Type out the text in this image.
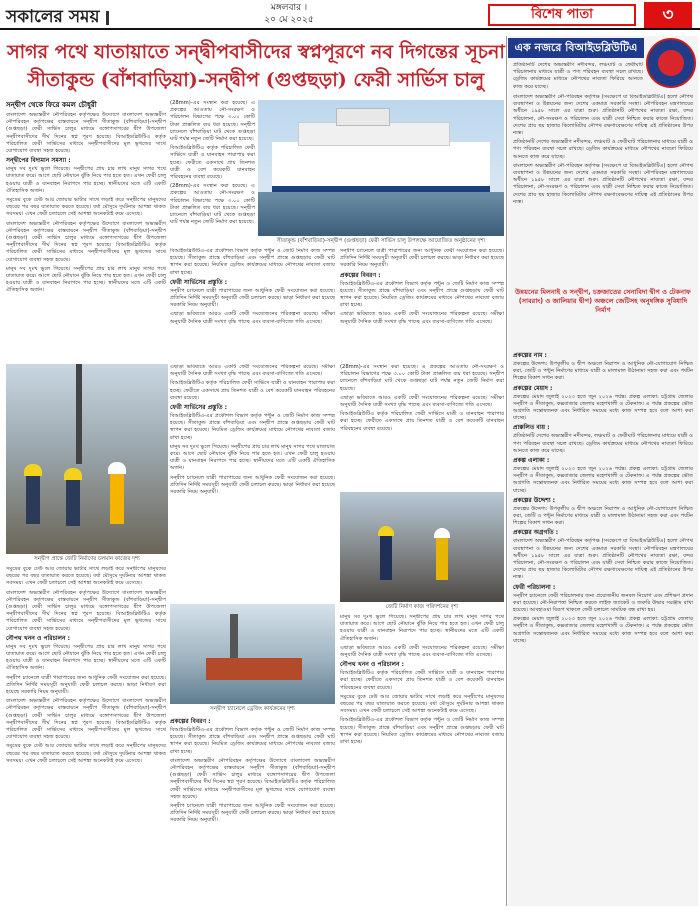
সকালের সময়	মঙ্গলবার ।
২০ মে ২০২৫	বিশেষ পাতা	৩
সাগর পথে যাতায়াতে সন্দ্বীপবাসীদের স্বপ্নপূরণে নব দিগন্তের সূচনা
সীতাকুন্ড (বাঁশবাড়িয়া)-সন্দ্বীপ (গুপ্তছড়া) ফেরী সার্ভিস চালু
সন্দ্বীপ থেকে ফিরে কমল চৌধুরী

বাংলাদেশ অভ্যন্তরীণ নৌপরিবহন কর্তৃপক্ষের উদ্যোগে বাংলাদেশ অভ্যন্তরীণ নৌপরিবহন কর্তৃপক্ষের বাস্তবায়নে সন্দ্বীপ সীতাকুন্ড (বাঁশবাড়িয়া)-সন্দ্বীপ (গুপ্তছড়া) ফেরী সার্ভিস চালুর মাধ্যমে বঙ্গোপসাগরের দ্বীপ উপজেলা সন্দ্বীপবাসীদের দীর্ঘ দিনের স্বপ্ন পূরণ হয়েছে। বিআইডব্লিউটিএ কর্তৃক পরিচালিত ফেরী সার্ভিসের মাধ্যমে সন্দ্বীপবাসীদের মূল ভূখন্ডের সাথে যোগাযোগ ব্যবস্থা সহজ হয়েছে।

সন্দ্বীপের বিদ্যমান সমস্যা :

মানুষ সব দুঃখ ভুলে গিয়েছে। সন্দ্বীপের প্রায় চার লাখ মানুষ সাগর পথে যাতায়াত করে। আগে ছোট নৌযানে ঝুঁকি নিয়ে পার হতে হত। এখন ফেরী চালু হওয়ায় যাত্রী ও যানবাহন নিরাপদে পার হচ্ছে। স্থানীয়দের মতে এটি একটি ঐতিহাসিক অর্জন।

সমুদ্রের বুকে ঢেউ আর জোয়ার ভাটার সাথে লড়াই করে সন্দ্বীপের মানুষদের বছরের পর বছর যাতায়াত করতে হয়েছে। বর্ষা মৌসুমে দুর্ঘটনার আশঙ্কা থাকত সবসময়। এখন ফেরী চলাচলে সেই আশঙ্কা অনেকটাই কমে এসেছে।

বাংলাদেশ অভ্যন্তরীণ নৌপরিবহন কর্তৃপক্ষের উদ্যোগে বাংলাদেশ অভ্যন্তরীণ নৌপরিবহন কর্তৃপক্ষের বাস্তবায়নে সন্দ্বীপ সীতাকুন্ড (বাঁশবাড়িয়া)-সন্দ্বীপ (গুপ্তছড়া) ফেরী সার্ভিস চালুর মাধ্যমে বঙ্গোপসাগরের দ্বীপ উপজেলা সন্দ্বীপবাসীদের দীর্ঘ দিনের স্বপ্ন পূরণ হয়েছে। বিআইডব্লিউটিএ কর্তৃক পরিচালিত ফেরী সার্ভিসের মাধ্যমে সন্দ্বীপবাসীদের মূল ভূখন্ডের সাথে যোগাযোগ ব্যবস্থা সহজ হয়েছে।

মানুষ সব দুঃখ ভুলে গিয়েছে। সন্দ্বীপের প্রায় চার লাখ মানুষ সাগর পথে যাতায়াত করে। আগে ছোট নৌযানে ঝুঁকি নিয়ে পার হতে হত। এখন ফেরী চালু হওয়ায় যাত্রী ও যানবাহন নিরাপদে পার হচ্ছে। স্থানীয়দের মতে এটি একটি ঐতিহাসিক অর্জন।

(28mm)-এর সংস্থান করা হয়েছে। এ প্রকল্পের আওতায় নৌ-সংরক্ষণ ও পরিচালন বিভাগের পক্ষে ৩.০০ কোটি টাকা প্রাক্কলিত ব্যয় ধরা হয়েছে। সন্দ্বীপ চ্যানেলে বাঁশবাড়িয়া ঘাট থেকে গুপ্তছড়া ঘাট পর্যন্ত নতুন জেটি নির্মাণ করা হয়েছে।

বিআইডব্লিউটিএ কর্তৃক পরিচালিত ফেরী সার্ভিসে যাত্রী ও যানবাহন পারাপার করা হচ্ছে। ফেরীতে একসাথে প্রায় তিনশত যাত্রী ও বেশ কয়েকটি যানবাহন পরিবহনের ব্যবস্থা রয়েছে।

(28mm)-এর সংস্থান করা হয়েছে। এ প্রকল্পের আওতায় নৌ-সংরক্ষণ ও পরিচালন বিভাগের পক্ষে ৩.০০ কোটি টাকা প্রাক্কলিত ব্যয় ধরা হয়েছে। সন্দ্বীপ চ্যানেলে বাঁশবাড়িয়া ঘাট থেকে গুপ্তছড়া ঘাট পর্যন্ত নতুন জেটি নির্মাণ করা হয়েছে।

সীতাকুন্ড (বাঁশবাড়িয়া)-সন্দ্বীপ (গুপ্তছড়া) ফেরী সার্ভিস চালু উপলক্ষে আয়োজিত অনুষ্ঠানের দৃশ্য

বিআইডব্লিউটিএ-এর প্রকৌশল বিভাগ কর্তৃক পন্টুন ও জেটি নির্মাণ কাজ সম্পন্ন হয়েছে। সীতাকুন্ড প্রান্তে বাঁশবাড়িয়া এবং সন্দ্বীপ প্রান্তে গুপ্তছড়ায় ফেরী ঘাট স্থাপন করা হয়েছে। নিয়মিত ড্রেজিং কার্যক্রমের মাধ্যমে নৌপথের নাব্যতা বজায় রাখা হচ্ছে।

ফেরী সার্ভিসের প্রস্তুতি :

সন্দ্বীপ চ্যানেলে যাত্রী পারাপারের জন্য আধুনিক ফেরী সংযোজন করা হয়েছে। প্রতিদিন নির্দিষ্ট সময়সূচী অনুযায়ী ফেরী চলাচল করছে। ভাড়া নির্ধারণ করা হয়েছে সরকারি নিয়ম অনুযায়ী।

এছাড়া ভবিষ্যতে আরও একটি ফেরী সংযোজনের পরিকল্পনা রয়েছে। সমীক্ষা অনুযায়ী দৈনিক যাত্রী সংখ্যা বৃদ্ধি পাচ্ছে এবং ব্যবসা-বাণিজ্যে গতি এসেছে।

সন্দ্বীপ চ্যানেলে যাত্রী পারাপারের জন্য আধুনিক ফেরী সংযোজন করা হয়েছে। প্রতিদিন নির্দিষ্ট সময়সূচী অনুযায়ী ফেরী চলাচল করছে। ভাড়া নির্ধারণ করা হয়েছে সরকারি নিয়ম অনুযায়ী।

প্রকল্পের বিবরণ :

বিআইডব্লিউটিএ-এর প্রকৌশল বিভাগ কর্তৃক পন্টুন ও জেটি নির্মাণ কাজ সম্পন্ন হয়েছে। সীতাকুন্ড প্রান্তে বাঁশবাড়িয়া এবং সন্দ্বীপ প্রান্তে গুপ্তছড়ায় ফেরী ঘাট স্থাপন করা হয়েছে। নিয়মিত ড্রেজিং কার্যক্রমের মাধ্যমে নৌপথের নাব্যতা বজায় রাখা হচ্ছে।

এছাড়া ভবিষ্যতে আরও একটি ফেরী সংযোজনের পরিকল্পনা রয়েছে। সমীক্ষা অনুযায়ী দৈনিক যাত্রী সংখ্যা বৃদ্ধি পাচ্ছে এবং ব্যবসা-বাণিজ্যে গতি এসেছে।

সন্দ্বীপ প্রান্তে জেটি নির্মাণের চলমান কাজের দৃশ্য

সমুদ্রের বুকে ঢেউ আর জোয়ার ভাটার সাথে লড়াই করে সন্দ্বীপের মানুষদের বছরের পর বছর যাতায়াত করতে হয়েছে। বর্ষা মৌসুমে দুর্ঘটনার আশঙ্কা থাকত সবসময়। এখন ফেরী চলাচলে সেই আশঙ্কা অনেকটাই কমে এসেছে।

বাংলাদেশ অভ্যন্তরীণ নৌপরিবহন কর্তৃপক্ষের উদ্যোগে বাংলাদেশ অভ্যন্তরীণ নৌপরিবহন কর্তৃপক্ষের বাস্তবায়নে সন্দ্বীপ সীতাকুন্ড (বাঁশবাড়িয়া)-সন্দ্বীপ (গুপ্তছড়া) ফেরী সার্ভিস চালুর মাধ্যমে বঙ্গোপসাগরের দ্বীপ উপজেলা সন্দ্বীপবাসীদের দীর্ঘ দিনের স্বপ্ন পূরণ হয়েছে। বিআইডব্লিউটিএ কর্তৃক পরিচালিত ফেরী সার্ভিসের মাধ্যমে সন্দ্বীপবাসীদের মূল ভূখন্ডের সাথে যোগাযোগ ব্যবস্থা সহজ হয়েছে।

নৌপথ খনন ও পরিচালন :

মানুষ সব দুঃখ ভুলে গিয়েছে। সন্দ্বীপের প্রায় চার লাখ মানুষ সাগর পথে যাতায়াত করে। আগে ছোট নৌযানে ঝুঁকি নিয়ে পার হতে হত। এখন ফেরী চালু হওয়ায় যাত্রী ও যানবাহন নিরাপদে পার হচ্ছে। স্থানীয়দের মতে এটি একটি ঐতিহাসিক অর্জন।

সন্দ্বীপ চ্যানেলে যাত্রী পারাপারের জন্য আধুনিক ফেরী সংযোজন করা হয়েছে। প্রতিদিন নির্দিষ্ট সময়সূচী অনুযায়ী ফেরী চলাচল করছে। ভাড়া নির্ধারণ করা হয়েছে সরকারি নিয়ম অনুযায়ী।

বাংলাদেশ অভ্যন্তরীণ নৌপরিবহন কর্তৃপক্ষের উদ্যোগে বাংলাদেশ অভ্যন্তরীণ নৌপরিবহন কর্তৃপক্ষের বাস্তবায়নে সন্দ্বীপ সীতাকুন্ড (বাঁশবাড়িয়া)-সন্দ্বীপ (গুপ্তছড়া) ফেরী সার্ভিস চালুর মাধ্যমে বঙ্গোপসাগরের দ্বীপ উপজেলা সন্দ্বীপবাসীদের দীর্ঘ দিনের স্বপ্ন পূরণ হয়েছে। বিআইডব্লিউটিএ কর্তৃক পরিচালিত ফেরী সার্ভিসের মাধ্যমে সন্দ্বীপবাসীদের মূল ভূখন্ডের সাথে যোগাযোগ ব্যবস্থা সহজ হয়েছে।

সমুদ্রের বুকে ঢেউ আর জোয়ার ভাটার সাথে লড়াই করে সন্দ্বীপের মানুষদের বছরের পর বছর যাতায়াত করতে হয়েছে। বর্ষা মৌসুমে দুর্ঘটনার আশঙ্কা থাকত সবসময়। এখন ফেরী চলাচলে সেই আশঙ্কা অনেকটাই কমে এসেছে।

এছাড়া ভবিষ্যতে আরও একটি ফেরী সংযোজনের পরিকল্পনা রয়েছে। সমীক্ষা অনুযায়ী দৈনিক যাত্রী সংখ্যা বৃদ্ধি পাচ্ছে এবং ব্যবসা-বাণিজ্যে গতি এসেছে।

বিআইডব্লিউটিএ কর্তৃক পরিচালিত ফেরী সার্ভিসে যাত্রী ও যানবাহন পারাপার করা হচ্ছে। ফেরীতে একসাথে প্রায় তিনশত যাত্রী ও বেশ কয়েকটি যানবাহন পরিবহনের ব্যবস্থা রয়েছে।

ফেরী সার্ভিসের প্রস্তুতি :

বিআইডব্লিউটিএ-এর প্রকৌশল বিভাগ কর্তৃক পন্টুন ও জেটি নির্মাণ কাজ সম্পন্ন হয়েছে। সীতাকুন্ড প্রান্তে বাঁশবাড়িয়া এবং সন্দ্বীপ প্রান্তে গুপ্তছড়ায় ফেরী ঘাট স্থাপন করা হয়েছে। নিয়মিত ড্রেজিং কার্যক্রমের মাধ্যমে নৌপথের নাব্যতা বজায় রাখা হচ্ছে।

মানুষ সব দুঃখ ভুলে গিয়েছে। সন্দ্বীপের প্রায় চার লাখ মানুষ সাগর পথে যাতায়াত করে। আগে ছোট নৌযানে ঝুঁকি নিয়ে পার হতে হত। এখন ফেরী চালু হওয়ায় যাত্রী ও যানবাহন নিরাপদে পার হচ্ছে। স্থানীয়দের মতে এটি একটি ঐতিহাসিক অর্জন।

সন্দ্বীপ চ্যানেলে যাত্রী পারাপারের জন্য আধুনিক ফেরী সংযোজন করা হয়েছে। প্রতিদিন নির্দিষ্ট সময়সূচী অনুযায়ী ফেরী চলাচল করছে। ভাড়া নির্ধারণ করা হয়েছে সরকারি নিয়ম অনুযায়ী।

(28mm)-এর সংস্থান করা হয়েছে। এ প্রকল্পের আওতায় নৌ-সংরক্ষণ ও পরিচালন বিভাগের পক্ষে ৩.০০ কোটি টাকা প্রাক্কলিত ব্যয় ধরা হয়েছে। সন্দ্বীপ চ্যানেলে বাঁশবাড়িয়া ঘাট থেকে গুপ্তছড়া ঘাট পর্যন্ত নতুন জেটি নির্মাণ করা হয়েছে।

এছাড়া ভবিষ্যতে আরও একটি ফেরী সংযোজনের পরিকল্পনা রয়েছে। সমীক্ষা অনুযায়ী দৈনিক যাত্রী সংখ্যা বৃদ্ধি পাচ্ছে এবং ব্যবসা-বাণিজ্যে গতি এসেছে।

বিআইডব্লিউটিএ কর্তৃক পরিচালিত ফেরী সার্ভিসে যাত্রী ও যানবাহন পারাপার করা হচ্ছে। ফেরীতে একসাথে প্রায় তিনশত যাত্রী ও বেশ কয়েকটি যানবাহন পরিবহনের ব্যবস্থা রয়েছে।

জেটি নির্মাণ কাজ পরিদর্শনের দৃশ্য
সন্দ্বীপ চ্যানেলে ড্রেজিং কার্যক্রমের দৃশ্য
প্রকল্পের বিবরণ :

বিআইডব্লিউটিএ-এর প্রকৌশল বিভাগ কর্তৃক পন্টুন ও জেটি নির্মাণ কাজ সম্পন্ন হয়েছে। সীতাকুন্ড প্রান্তে বাঁশবাড়িয়া এবং সন্দ্বীপ প্রান্তে গুপ্তছড়ায় ফেরী ঘাট স্থাপন করা হয়েছে। নিয়মিত ড্রেজিং কার্যক্রমের মাধ্যমে নৌপথের নাব্যতা বজায় রাখা হচ্ছে।

বাংলাদেশ অভ্যন্তরীণ নৌপরিবহন কর্তৃপক্ষের উদ্যোগে বাংলাদেশ অভ্যন্তরীণ নৌপরিবহন কর্তৃপক্ষের বাস্তবায়নে সন্দ্বীপ সীতাকুন্ড (বাঁশবাড়িয়া)-সন্দ্বীপ (গুপ্তছড়া) ফেরী সার্ভিস চালুর মাধ্যমে বঙ্গোপসাগরের দ্বীপ উপজেলা সন্দ্বীপবাসীদের দীর্ঘ দিনের স্বপ্ন পূরণ হয়েছে। বিআইডব্লিউটিএ কর্তৃক পরিচালিত ফেরী সার্ভিসের মাধ্যমে সন্দ্বীপবাসীদের মূল ভূখন্ডের সাথে যোগাযোগ ব্যবস্থা সহজ হয়েছে।

সন্দ্বীপ চ্যানেলে যাত্রী পারাপারের জন্য আধুনিক ফেরী সংযোজন করা হয়েছে। প্রতিদিন নির্দিষ্ট সময়সূচী অনুযায়ী ফেরী চলাচল করছে। ভাড়া নির্ধারণ করা হয়েছে সরকারি নিয়ম অনুযায়ী।

মানুষ সব দুঃখ ভুলে গিয়েছে। সন্দ্বীপের প্রায় চার লাখ মানুষ সাগর পথে যাতায়াত করে। আগে ছোট নৌযানে ঝুঁকি নিয়ে পার হতে হত। এখন ফেরী চালু হওয়ায় যাত্রী ও যানবাহন নিরাপদে পার হচ্ছে। স্থানীয়দের মতে এটি একটি ঐতিহাসিক অর্জন।

এছাড়া ভবিষ্যতে আরও একটি ফেরী সংযোজনের পরিকল্পনা রয়েছে। সমীক্ষা অনুযায়ী দৈনিক যাত্রী সংখ্যা বৃদ্ধি পাচ্ছে এবং ব্যবসা-বাণিজ্যে গতি এসেছে।

নৌপথ খনন ও পরিচালন :

বিআইডব্লিউটিএ কর্তৃক পরিচালিত ফেরী সার্ভিসে যাত্রী ও যানবাহন পারাপার করা হচ্ছে। ফেরীতে একসাথে প্রায় তিনশত যাত্রী ও বেশ কয়েকটি যানবাহন পরিবহনের ব্যবস্থা রয়েছে।

সমুদ্রের বুকে ঢেউ আর জোয়ার ভাটার সাথে লড়াই করে সন্দ্বীপের মানুষদের বছরের পর বছর যাতায়াত করতে হয়েছে। বর্ষা মৌসুমে দুর্ঘটনার আশঙ্কা থাকত সবসময়। এখন ফেরী চলাচলে সেই আশঙ্কা অনেকটাই কমে এসেছে।

বিআইডব্লিউটিএ-এর প্রকৌশল বিভাগ কর্তৃক পন্টুন ও জেটি নির্মাণ কাজ সম্পন্ন হয়েছে। সীতাকুন্ড প্রান্তে বাঁশবাড়িয়া এবং সন্দ্বীপ প্রান্তে গুপ্তছড়ায় ফেরী ঘাট স্থাপন করা হয়েছে। নিয়মিত ড্রেজিং কার্যক্রমের মাধ্যমে নৌপথের নাব্যতা বজায় রাখা হচ্ছে।

এক নজরে বিআইডব্লিউটিএ

প্রতিষ্ঠানটি দেশের অভ্যন্তরীণ নদীবন্দর, লঞ্চঘাট ও ফেরীঘাট পরিচালনার মাধ্যমে যাত্রী ও পণ্য পরিবহন ব্যবস্থা সচল রাখছে। ড্রেজিং কার্যক্রমের মাধ্যমে নৌপথের নাব্যতা ফিরিয়ে আনতে কাজ করে যাচ্ছে।

বাংলাদেশ অভ্যন্তরীণ নৌ-পরিবহন কর্তৃপক্ষ (সংক্ষেপে যা বিআইডব্লিউটিএ) হলো নৌপথ ব্যবস্থাপনা ও উন্নয়নের জন্য দেশের একমাত্র সরকারি সংস্থা। নৌপরিবহন মন্ত্রণালয়ের অধীনে ১৯৫৮ সালে এর যাত্রা শুরু। প্রতিষ্ঠানটি নৌপথের নাব্যতা রক্ষা, বন্দর পরিচালনা, নৌ-সংরক্ষণ ও পরিচালন এবং যাত্রী সেবা নিশ্চিত করার কাজে নিয়োজিত। দেশের প্রায় ছয় হাজার কিলোমিটার নৌপথ রক্ষণাবেক্ষণের দায়িত্ব এই প্রতিষ্ঠানের উপর ন্যস্ত।

প্রতিষ্ঠানটি দেশের অভ্যন্তরীণ নদীবন্দর, লঞ্চঘাট ও ফেরীঘাট পরিচালনার মাধ্যমে যাত্রী ও পণ্য পরিবহন ব্যবস্থা সচল রাখছে। ড্রেজিং কার্যক্রমের মাধ্যমে নৌপথের নাব্যতা ফিরিয়ে আনতে কাজ করে যাচ্ছে।

বাংলাদেশ অভ্যন্তরীণ নৌ-পরিবহন কর্তৃপক্ষ (সংক্ষেপে যা বিআইডব্লিউটিএ) হলো নৌপথ ব্যবস্থাপনা ও উন্নয়নের জন্য দেশের একমাত্র সরকারি সংস্থা। নৌপরিবহন মন্ত্রণালয়ের অধীনে ১৯৫৮ সালে এর যাত্রা শুরু। প্রতিষ্ঠানটি নৌপথের নাব্যতা রক্ষা, বন্দর পরিচালনা, নৌ-সংরক্ষণ ও পরিচালন এবং যাত্রী সেবা নিশ্চিত করার কাজে নিয়োজিত। দেশের প্রায় ছয় হাজার কিলোমিটার নৌপথ রক্ষণাবেক্ষণের দায়িত্ব এই প্রতিষ্ঠানের উপর ন্যস্ত।

উন্নয়নের মিলনাই ও সন্দ্বীপ, চক্রজাতের সেনাবিদা দ্বীপ ও টেকনাফ (সাবরাং) ও জালিয়ার দ্বীপ) অঞ্চলে জেটিসহ অনুষঙ্গিক সুবিধাদি নির্মাণ
প্রকল্পের নাম :

প্রকল্পের উদ্দেশ্য: উপকূলীয় ও দ্বীপ অঞ্চলে নিরাপদ ও আধুনিক নৌ-যোগাযোগ নিশ্চিত করা, জেটি ও পন্টুন নির্মাণের মাধ্যমে যাত্রী ও মালামাল উঠানামা সহজ করা এবং পর্যটন শিল্পের বিকাশ সাধন করা।

প্রকল্পের মেয়াদ :

প্রকল্পের মেয়াদ জুলাই ২০২৩ হতে জুন ২০২৬ পর্যন্ত। প্রকল্প এলাকা: চট্টগ্রাম জেলার সন্দ্বীপ ও সীতাকুন্ড, কক্সবাজার জেলার মহেশখালী ও টেকনাফ। এ পর্যন্ত প্রকল্পের ভৌত অগ্রগতি সন্তোষজনক এবং নির্ধারিত সময়ের মধ্যে কাজ সম্পন্ন হবে বলে আশা করা যাচ্ছে।

প্রাক্কলিত ব্যয় :

প্রতিষ্ঠানটি দেশের অভ্যন্তরীণ নদীবন্দর, লঞ্চঘাট ও ফেরীঘাট পরিচালনার মাধ্যমে যাত্রী ও পণ্য পরিবহন ব্যবস্থা সচল রাখছে। ড্রেজিং কার্যক্রমের মাধ্যমে নৌপথের নাব্যতা ফিরিয়ে আনতে কাজ করে যাচ্ছে।

প্রকল্প এলাকা :

প্রকল্পের মেয়াদ জুলাই ২০২৩ হতে জুন ২০২৬ পর্যন্ত। প্রকল্প এলাকা: চট্টগ্রাম জেলার সন্দ্বীপ ও সীতাকুন্ড, কক্সবাজার জেলার মহেশখালী ও টেকনাফ। এ পর্যন্ত প্রকল্পের ভৌত অগ্রগতি সন্তোষজনক এবং নির্ধারিত সময়ের মধ্যে কাজ সম্পন্ন হবে বলে আশা করা যাচ্ছে।

প্রকল্পের উদ্দেশ্য :

প্রকল্পের উদ্দেশ্য: উপকূলীয় ও দ্বীপ অঞ্চলে নিরাপদ ও আধুনিক নৌ-যোগাযোগ নিশ্চিত করা, জেটি ও পন্টুন নির্মাণের মাধ্যমে যাত্রী ও মালামাল উঠানামা সহজ করা এবং পর্যটন শিল্পের বিকাশ সাধন করা।

প্রকল্পের অগ্রগতি :

বাংলাদেশ অভ্যন্তরীণ নৌ-পরিবহন কর্তৃপক্ষ (সংক্ষেপে যা বিআইডব্লিউটিএ) হলো নৌপথ ব্যবস্থাপনা ও উন্নয়নের জন্য দেশের একমাত্র সরকারি সংস্থা। নৌপরিবহন মন্ত্রণালয়ের অধীনে ১৯৫৮ সালে এর যাত্রা শুরু। প্রতিষ্ঠানটি নৌপথের নাব্যতা রক্ষা, বন্দর পরিচালনা, নৌ-সংরক্ষণ ও পরিচালন এবং যাত্রী সেবা নিশ্চিত করার কাজে নিয়োজিত। দেশের প্রায় ছয় হাজার কিলোমিটার নৌপথ রক্ষণাবেক্ষণের দায়িত্ব এই প্রতিষ্ঠানের উপর ন্যস্ত।

ফেরী পরিচালনা :

সন্দ্বীপ চ্যানেলে ফেরী পরিচালনার জন্য প্রয়োজনীয় জনবল নিয়োগ এবং প্রশিক্ষণ প্রদান করা হয়েছে। নৌ-নিরাপত্তা নিশ্চিত করতে লাইফ জ্যাকেট ও জরুরি উদ্ধার সরঞ্জাম রাখা হয়েছে। আবহাওয়া বিরূপ থাকলে ফেরী চলাচল সাময়িক বন্ধ রাখা হয়।

প্রকল্পের মেয়াদ জুলাই ২০২৩ হতে জুন ২০২৬ পর্যন্ত। প্রকল্প এলাকা: চট্টগ্রাম জেলার সন্দ্বীপ ও সীতাকুন্ড, কক্সবাজার জেলার মহেশখালী ও টেকনাফ। এ পর্যন্ত প্রকল্পের ভৌত অগ্রগতি সন্তোষজনক এবং নির্ধারিত সময়ের মধ্যে কাজ সম্পন্ন হবে বলে আশা করা যাচ্ছে।
